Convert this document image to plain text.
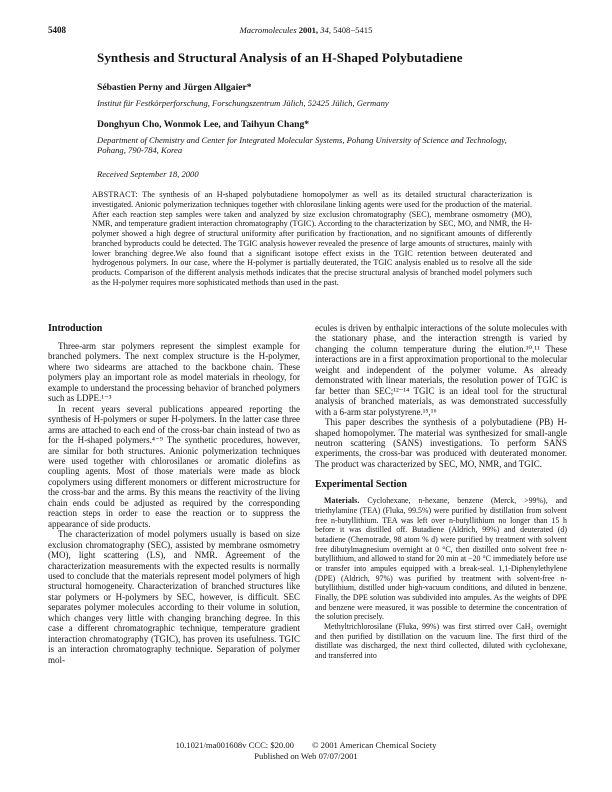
5408	Macromolecules 2001, 34, 5408−5415
Synthesis and Structural Analysis of an H-Shaped Polybutadiene

Sébastien Perny and Jürgen Allgaier*

Institut für Festkörperforschung, Forschungszentrum Jülich, 52425 Jülich, Germany

Donghyun Cho, Wonmok Lee, and Taihyun Chang*

Department of Chemistry and Center for Integrated Molecular Systems, Pohang University of Science and Technology, Pohang, 790-784, Korea

Received September 18, 2000

ABSTRACT: The synthesis of an H-shaped polybutadiene homopolymer as well as its detailed structural characterization is investigated. Anionic polymerization techniques together with chlorosilane linking agents were used for the production of the material. After each reaction step samples were taken and analyzed by size exclusion chromatography (SEC), membrane osmometry (MO), NMR, and temperature gradient interaction chromatography (TGIC). According to the characterization by SEC, MO, and NMR, the H-polymer showed a high degree of structural uniformity after purification by fractionation, and no significant amounts of differently branched byproducts could be detected. The TGIC analysis however revealed the presence of large amounts of structures, mainly with lower branching degree.We also found that a significant isotope effect exists in the TGIC retention between deuterated and hydrogenous polymers. In our case, where the H-polymer is partially deuterated, the TGIC analysis enabled us to resolve all the side products. Comparison of the different analysis methods indicates that the precise structural analysis of branched model polymers such as the H-polymer requires more sophisticated methods than used in the past.
Introduction

Three-arm star polymers represent the simplest example for branched polymers. The next complex structure is the H-polymer, where two sidearms are attached to the backbone chain. These polymers play an important role as model materials in rheology, for example to understand the processing behavior of branched polymers such as LDPE.¹⁻³

In recent years several publications appeared reporting the synthesis of H-polymers or super H-polymers. In the latter case three arms are attached to each end of the cross-bar chain instead of two as for the H-shaped polymers.⁴⁻⁹ The synthetic procedures, however, are similar for both structures. Anionic polymerization techniques were used together with chlorosilanes or aromatic diolefins as coupling agents. Most of those materials were made as block copolymers using different monomers or different microstructure for the cross-bar and the arms. By this means the reactivity of the living chain ends could be adjusted as required by the corresponding reaction steps in order to ease the reaction or to suppress the appearance of side products.

The characterization of model polymers usually is based on size exclusion chromatography (SEC), assisted by membrane osmometry (MO), light scattering (LS), and NMR. Agreement of the characterization measurements with the expected results is normally used to conclude that the materials represent model polymers of high structural homogeneity. Characterization of branched structures like star polymers or H-polymers by SEC, however, is difficult. SEC separates polymer molecules according to their volume in solution, which changes very little with changing branching degree. In this case a different chromatographic technique, temperature gradient interaction chromatography (TGIC), has proven its usefulness. TGIC is an interaction chromatography technique. Separation of polymer mol-

ecules is driven by enthalpic interactions of the solute molecules with the stationary phase, and the interaction strength is varied by changing the column temperature during the elution.¹⁰,¹¹ These interactions are in a first approximation proportional to the molecular weight and independent of the polymer volume. As already demonstrated with linear materials, the resolution power of TGIC is far better than SEC;¹²⁻¹⁴ TGIC is an ideal tool for the structural analysis of branched materials, as was demonstrated successfully with a 6-arm star polystyrene.¹⁵,¹⁶

This paper describes the synthesis of a polybutadiene (PB) H-shaped homopolymer. The material was synthesized for small-angle neutron scattering (SANS) investigations. To perform SANS experiments, the cross-bar was produced with deuterated monomer. The product was characterized by SEC, MO, NMR, and TGIC.

Experimental Section

Materials. Cyclohexane, n-hexane, benzene (Merck, >99%), and triethylamine (TEA) (Fluka, 99.5%) were purified by distillation from solvent free n-butyllithium. TEA was left over n-butyllithium no longer than 15 h before it was distilled off. Butadiene (Aldrich, 99%) and deuterated (d) butadiene (Chemotrade, 98 atom % d) were purified by treatment with solvent free dibutylmagnesium overnight at 0 °C, then distilled onto solvent free n-butyllithium, and allowed to stand for 20 min at −20 °C immediately before use or transfer into ampules equipped with a break-seal. 1,1-Diphenylethylene (DPE) (Aldrich, 97%) was purified by treatment with solvent-free n-butyllithium, distilled under high-vacuum conditions, and diluted in benzene. Finally, the DPE solution was subdivided into ampules. As the weights of DPE and benzene were measured, it was possible to determine the concentration of the solution precisely.

Methyltrichlorosilane (Fluka, 99%) was first stirred over CaH₂ overnight and then purified by distillation on the vacuum line. The first third of the distillate was discharged, the next third collected, diluted with cyclohexane, and transferred into

10.1021/ma001608v CCC: $20.00 © 2001 American Chemical Society
Published on Web 07/07/2001
